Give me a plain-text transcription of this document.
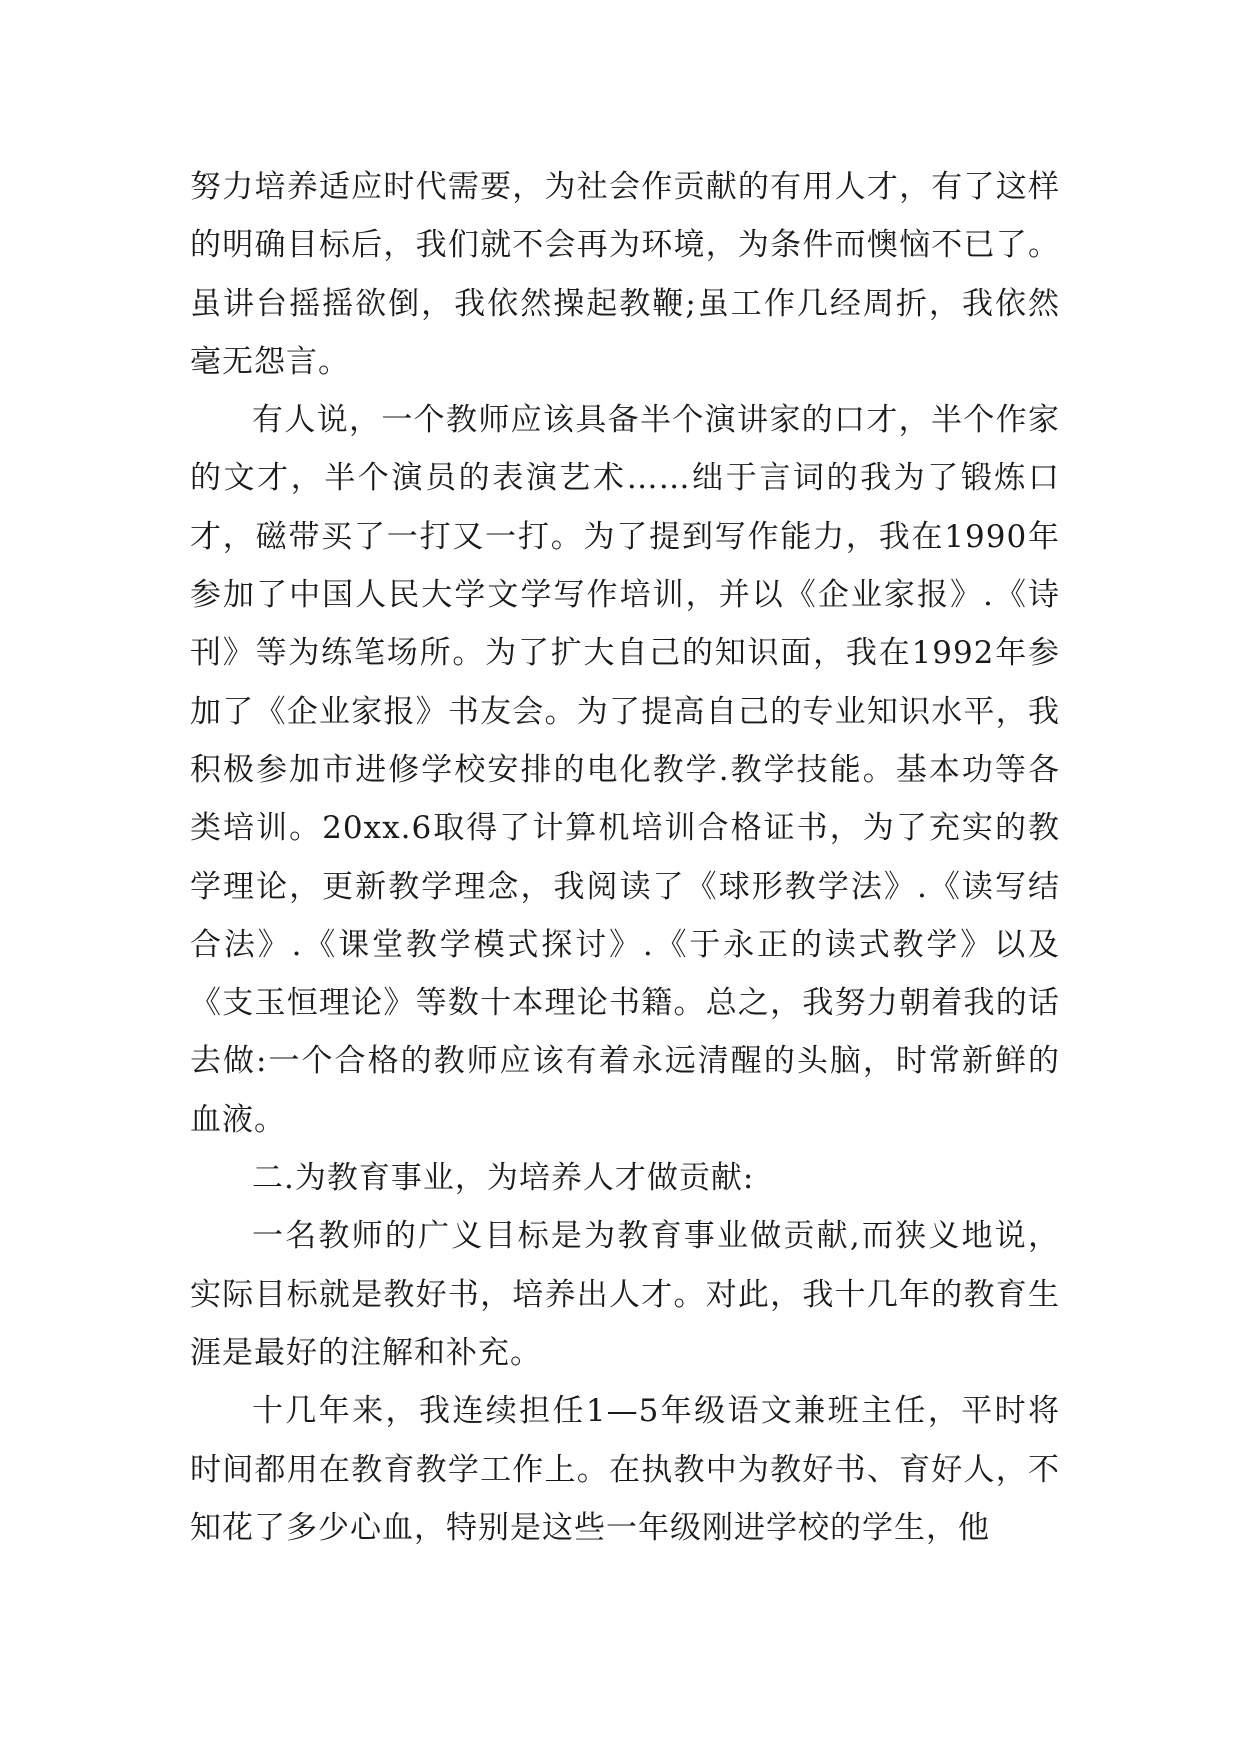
努力培养适应时代需要，为社会作贡献的有用人才，有了这样的明确目标后，我们就不会再为环境，为条件而懊恼不已了。虽讲台摇摇欲倒，我依然操起教鞭;虽工作几经周折，我依然毫无怨言。

有人说，一个教师应该具备半个演讲家的口才，半个作家的文才，半个演员的表演艺术……绌于言词的我为了锻炼口才，磁带买了一打又一打。为了提到写作能力，我在1990年参加了中国人民大学文学写作培训，并以《企业家报》.《诗刊》等为练笔场所。为了扩大自己的知识面，我在1992年参加了《企业家报》书友会。为了提高自己的专业知识水平，我积极参加市进修学校安排的电化教学.教学技能。基本功等各类培训。20xx.6取得了计算机培训合格证书，为了充实的教学理论，更新教学理念，我阅读了《球形教学法》.《读写结合法》.《课堂教学模式探讨》.《于永正的读式教学》以及《支玉恒理论》等数十本理论书籍。总之，我努力朝着我的话去做:一个合格的教师应该有着永远清醒的头脑，时常新鲜的血液。

二.为教育事业，为培养人才做贡献:

一名教师的广义目标是为教育事业做贡献,而狭义地说，实际目标就是教好书，培养出人才。对此，我十几年的教育生涯是最好的注解和补充。

十几年来，我连续担任1—5年级语文兼班主任，平时将时间都用在教育教学工作上。在执教中为教好书、育好人，不知花了多少心血，特别是这些一年级刚进学校的学生，他
